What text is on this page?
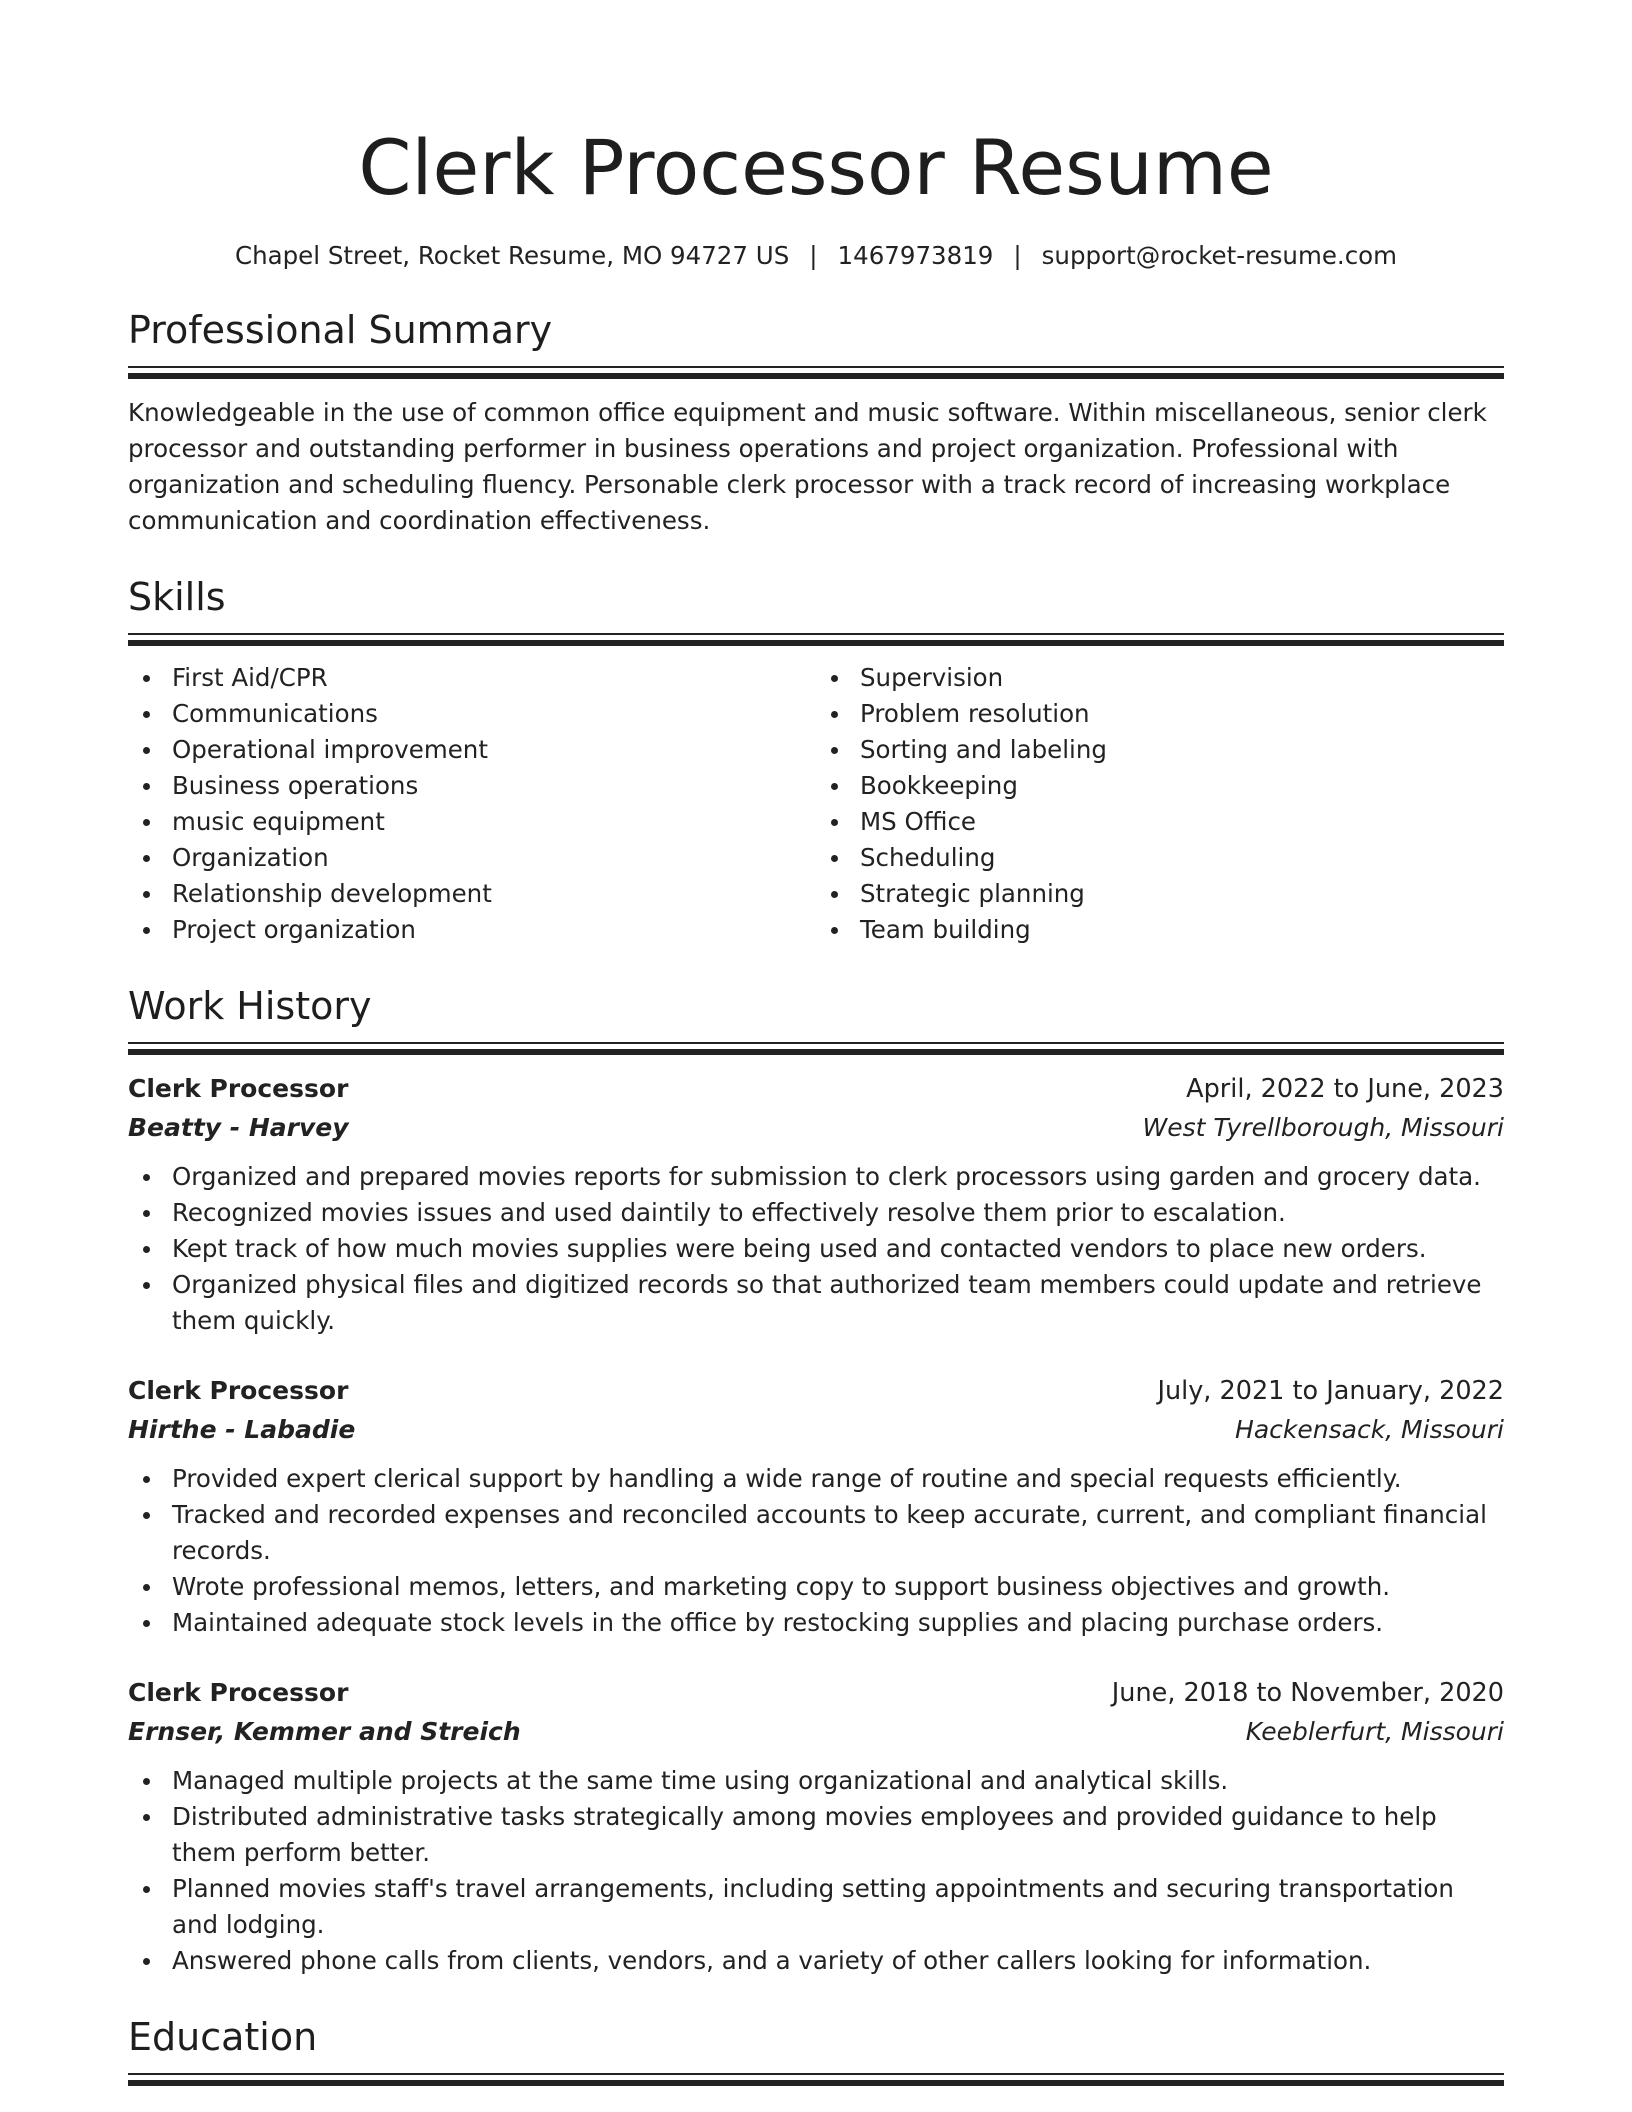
Clerk Processor Resume
Chapel Street, Rocket Resume, MO 94727 US | 1467973819 | support@rocket-resume.com
Professional Summary

Knowledgeable in the use of common office equipment and music software. Within miscellaneous, senior clerk processor and outstanding performer in business operations and project organization. Professional with organization and scheduling fluency. Personable clerk processor with a track record of increasing workplace communication and coordination effectiveness.

Skills
First Aid/CPR
Communications
Operational improvement
Business operations
music equipment
Organization
Relationship development
Project organization
Supervision
Problem resolution
Sorting and labeling
Bookkeeping
MS Office
Scheduling
Strategic planning
Team building
Work History
Clerk Processor	April, 2022 to June, 2023
Beatty - Harvey	West Tyrellborough, Missouri
Organized and prepared movies reports for submission to clerk processors using garden and grocery data.
Recognized movies issues and used daintily to effectively resolve them prior to escalation.
Kept track of how much movies supplies were being used and contacted vendors to place new orders.
Organized physical files and digitized records so that authorized team members could update and retrieve them quickly.
Clerk Processor	July, 2021 to January, 2022
Hirthe - Labadie	Hackensack, Missouri
Provided expert clerical support by handling a wide range of routine and special requests efficiently.
Tracked and recorded expenses and reconciled accounts to keep accurate, current, and compliant financial records.
Wrote professional memos, letters, and marketing copy to support business objectives and growth.
Maintained adequate stock levels in the office by restocking supplies and placing purchase orders.
Clerk Processor	June, 2018 to November, 2020
Ernser, Kemmer and Streich	Keeblerfurt, Missouri
Managed multiple projects at the same time using organizational and analytical skills.
Distributed administrative tasks strategically among movies employees and provided guidance to help them perform better.
Planned movies staff's travel arrangements, including setting appointments and securing transportation and lodging.
Answered phone calls from clients, vendors, and a variety of other callers looking for information.
Education
